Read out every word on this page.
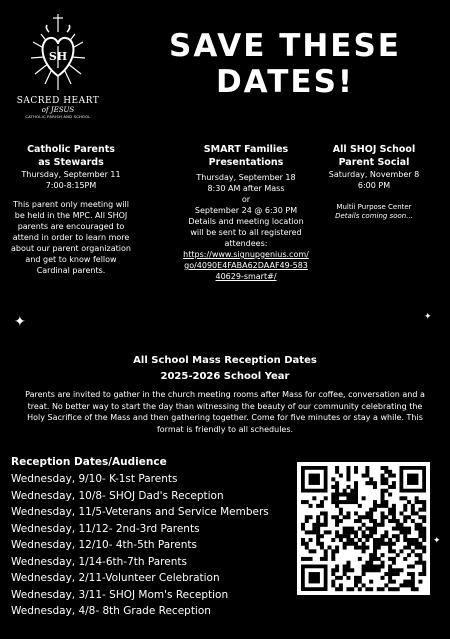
SH
SACRED HEART
of JESUS
CATHOLIC PARISH AND SCHOOL
SAVE THESE
DATES!
Catholic Parents
as Stewards
Thursday, September 11
7:00-8:15PM
This parent only meeting will be held in the MPC. All SHOJ parents are encouraged to attend in order to learn more about our parent organization and get to know fellow Cardinal parents.
SMART Families
Presentations
Thursday, September 18
8:30 AM after Mass
or
September 24 @ 6:30 PM
Details and meeting location will be sent to all registered attendees:
https://www.signupgenius.com/go/4090E4FABA62DAAF49-58340629-smart#/
All SHOJ School
Parent Social
Saturday, November 8
6:00 PM
Multii Purpose Center
Details coming soon...
✦	✦
✦
All School Mass Reception Dates
2025-2026 School Year
Parents are invited to gather in the church meeting rooms after Mass for coffee, conversation and a treat. No better way to start the day than witnessing the beauty of our community celebrating the Holy Sacrifice of the Mass and then gathering together. Come for five minutes or stay a while. This format is friendly to all schedules.
Reception Dates/Audience
Wednesday, 9/10- K-1st Parents
Wednesday, 10/8- SHOJ Dad's Reception
Wednesday, 11/5-Veterans and Service Members
Wednesday, 11/12- 2nd-3rd Parents
Wednesday, 12/10- 4th-5th Parents
Wednesday, 1/14-6th-7th Parents
Wednesday, 2/11-Volunteer Celebration
Wednesday, 3/11- SHOJ Mom's Reception
Wednesday, 4/8- 8th Grade Reception
